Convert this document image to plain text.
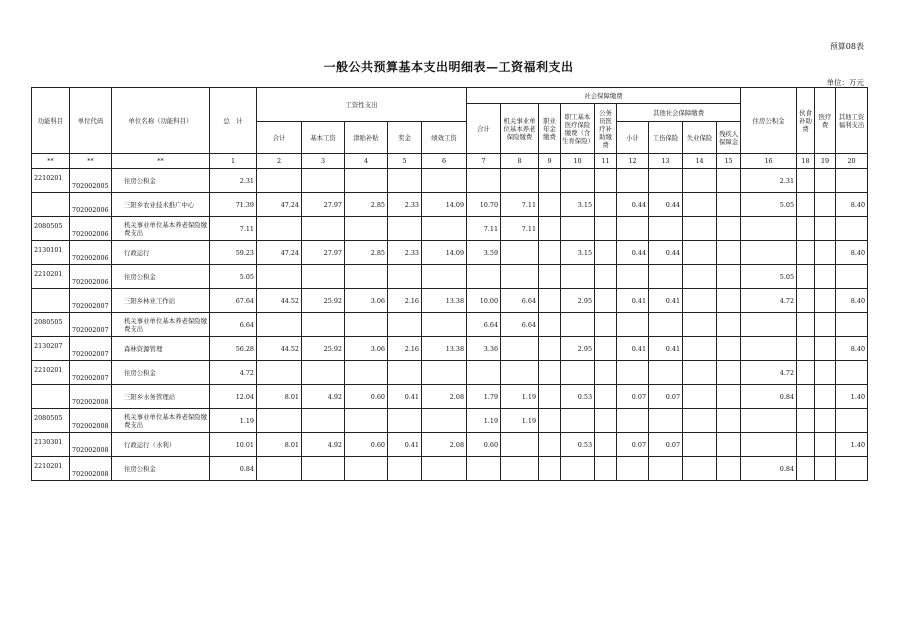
预算08表
一般公共预算基本支出明细表—工资福利支出
单位：万元
功能科目	单位代码	单位名称（功能科目）	总　计	工资性支出					社会保障缴费									住房公积金	伙食补助费	医疗费	其他工资福利支出
									合计	机关事业单位基本养老保险缴费	职业年金缴费	职工基本医疗保险缴费（含生育保险）	公务员医疗补助缴费	其他社会保障缴费							
				合计	基本工资	津贴补贴	奖金	绩效工资						小计	工伤保险	失业保险	残疾人保障金				
**	**	**	1	2	3	4	5	6	7	8	9	10	11	12	13	14	15	16	18	19	20
2210201	702002005	住房公积金	2.31															2.31			
	702002006	三阳乡农业技术推广中心	71.39	47.24	27.97	2.85	2.33	14.09	10.70	7.11		3.15		0.44	0.44			5.05			8.40
2080505	702002006	机关事业单位基本养老保险缴费支出	7.11						7.11	7.11											
2130101	702002006	行政运行	59.23	47.24	27.97	2.85	2.33	14.09	3.59			3.15		0.44	0.44						8.40
2210201	702002006	住房公积金	5.05															5.05			
	702002007	三阳乡林业工作站	67.64	44.52	25.92	3.06	2.16	13.38	10.00	6.64		2.95		0.41	0.41			4.72			8.40
2080505	702002007	机关事业单位基本养老保险缴费支出	6.64						6.64	6.64											
2130207	702002007	森林资源管理	56.28	44.52	25.92	3.06	2.16	13.38	3.36			2.95		0.41	0.41						8.40
2210201	702002007	住房公积金	4.72															4.72			
	702002008	三阳乡水务管理站	12.04	8.01	4.92	0.60	0.41	2.08	1.79	1.19		0.53		0.07	0.07			0.84			1.40
2080505	702002008	机关事业单位基本养老保险缴费支出	1.19						1.19	1.19											
2130301	702002008	行政运行（水利）	10.01	8.01	4.92	0.60	0.41	2.08	0.60			0.53		0.07	0.07						1.40
2210201	702002008	住房公积金	0.84															0.84			
